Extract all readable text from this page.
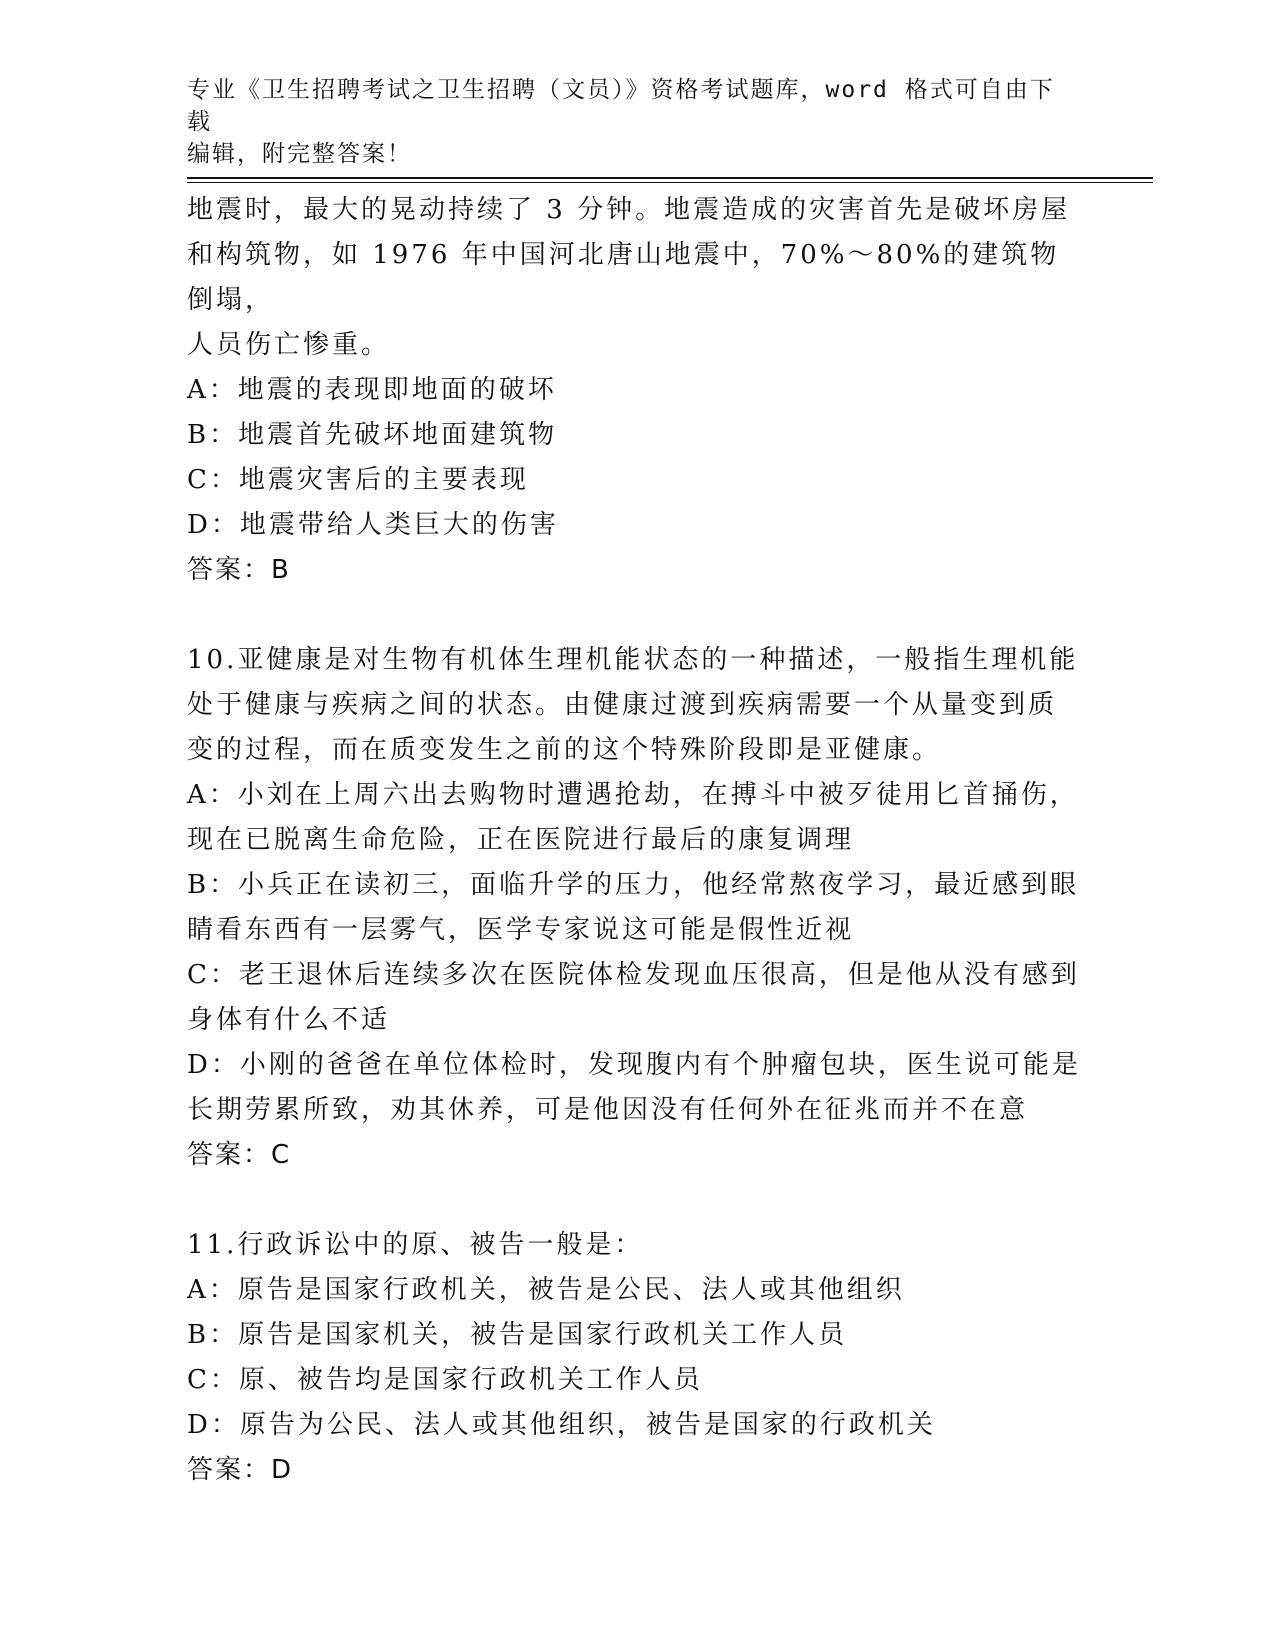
专业《卫生招聘考试之卫生招聘（文员）》资格考试题库，word 格式可自由下载
编辑，附完整答案！

地震时，最大的晃动持续了 3 分钟。地震造成的灾害首先是破坏房屋

和构筑物，如 1976 年中国河北唐山地震中，70%～80%的建筑物倒塌，

人员伤亡惨重。

A：地震的表现即地面的破坏

B：地震首先破坏地面建筑物

C：地震灾害后的主要表现

D：地震带给人类巨大的伤害

答案：B

10.亚健康是对生物有机体生理机能状态的一种描述，一般指生理机能

处于健康与疾病之间的状态。由健康过渡到疾病需要一个从量变到质

变的过程，而在质变发生之前的这个特殊阶段即是亚健康。

A：小刘在上周六出去购物时遭遇抢劫，在搏斗中被歹徒用匕首捅伤，

现在已脱离生命危险，正在医院进行最后的康复调理

B：小兵正在读初三，面临升学的压力，他经常熬夜学习，最近感到眼

睛看东西有一层雾气，医学专家说这可能是假性近视

C：老王退休后连续多次在医院体检发现血压很高，但是他从没有感到

身体有什么不适

D：小刚的爸爸在单位体检时，发现腹内有个肿瘤包块，医生说可能是

长期劳累所致，劝其休养，可是他因没有任何外在征兆而并不在意

答案：C

11.行政诉讼中的原、被告一般是：

A：原告是国家行政机关，被告是公民、法人或其他组织

B：原告是国家机关，被告是国家行政机关工作人员

C：原、被告均是国家行政机关工作人员

D：原告为公民、法人或其他组织，被告是国家的行政机关

答案：D
